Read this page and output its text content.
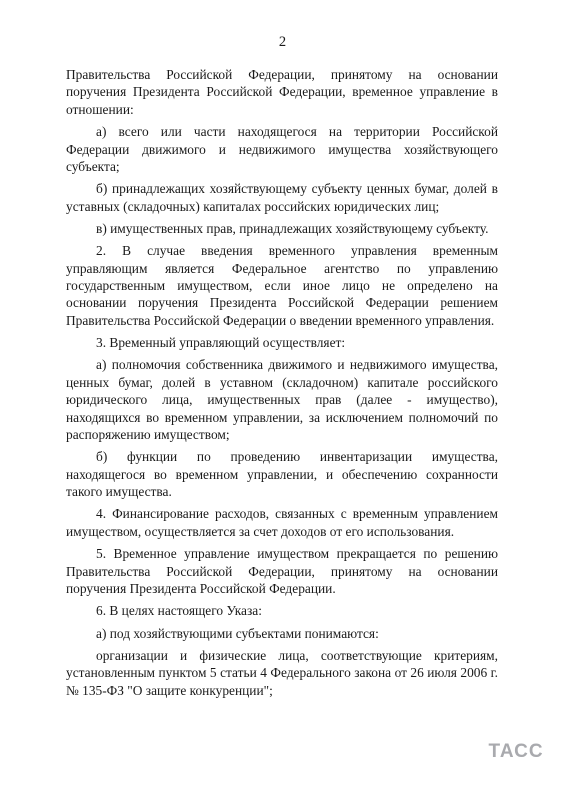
2

Правительства Российской Федерации, принятому на основании поручения Президента Российской Федерации, временное управление в отношении:

а) всего или части находящегося на территории Российской Федерации движимого и недвижимого имущества хозяйствующего субъекта;

б) принадлежащих хозяйствующему субъекту ценных бумаг, долей в уставных (складочных) капиталах российских юридических лиц;

в) имущественных прав, принадлежащих хозяйствующему субъекту.

2. В случае введения временного управления временным управляющим является Федеральное агентство по управлению государственным имуществом, если иное лицо не определено на основании поручения Президента Российской Федерации решением Правительства Российской Федерации о введении временного управления.

3. Временный управляющий осуществляет:

а) полномочия собственника движимого и недвижимого имущества, ценных бумаг, долей в уставном (складочном) капитале российского юридического лица, имущественных прав (далее - имущество), находящихся во временном управлении, за исключением полномочий по распоряжению имуществом;

б) функции по проведению инвентаризации имущества, находящегося во временном управлении, и обеспечению сохранности такого имущества.

4. Финансирование расходов, связанных с временным управлением имуществом, осуществляется за счет доходов от его использования.

5. Временное управление имуществом прекращается по решению Правительства Российской Федерации, принятому на основании поручения Президента Российской Федерации.

6. В целях настоящего Указа:

а) под хозяйствующими субъектами понимаются:

организации и физические лица, соответствующие критериям, установленным пунктом 5 статьи 4 Федерального закона от 26 июля 2006 г. № 135-ФЗ "О защите конкуренции";

ТАСС
